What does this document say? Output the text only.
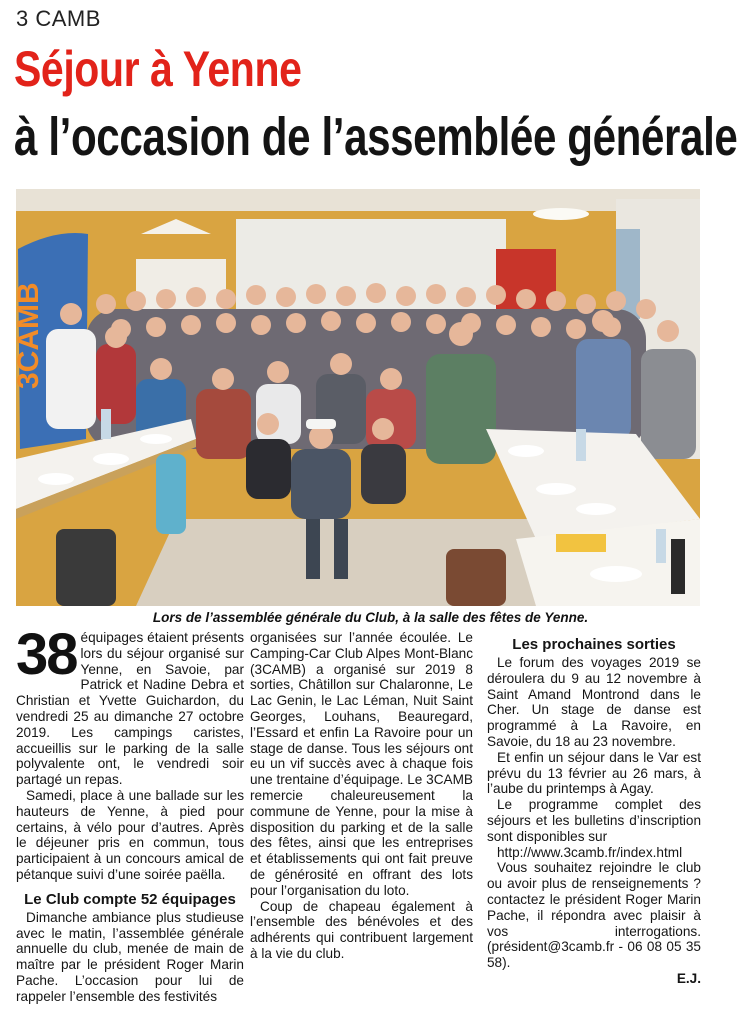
3 CAMB
Séjour à Yenne
à l’occasion de l’assemblée générale
3CAMB
Lors de l’assemblée générale du Club, à la salle des fêtes de Yenne.

38 équipages étaient présents lors du séjour organisé sur Yenne, en Savoie, par Patrick et Nadine Debra et Christian et Yvette Guichardon, du vendredi 25 au dimanche 27 octobre 2019. Les campings caristes, accueillis sur le parking de la salle polyvalente ont, le vendredi soir partagé un repas.

Samedi, place à une ballade sur les hauteurs de Yenne, à pied pour certains, à vélo pour d’autres. Après le déjeuner pris en commun, tous participaient à un concours amical de pétanque suivi d’une soirée paëlla.

Le Club compte 52 équipages

Dimanche ambiance plus studieuse avec le matin, l’assemblée générale annuelle du club, menée de main de maître par le président Roger Marin Pache. L’occasion pour lui de rappeler l’ensemble des festivités

organisées sur l’année écoulée. Le Camping-Car Club Alpes Mont-Blanc (3CAMB) a organisé sur 2019 8 sorties, Châtillon sur Chalaronne, Le Lac Genin, le Lac Léman, Nuit Saint Georges, Louhans, Beauregard, l’Essard et enfin La Ravoire pour un stage de danse. Tous les séjours ont eu un vif succès avec à chaque fois une trentaine d’équipage. Le 3CAMB remercie chaleureusement la commune de Yenne, pour la mise à disposition du parking et de la salle des fêtes, ainsi que les entreprises et établissements qui ont fait preuve de générosité en offrant des lots pour l’organisation du loto.

Coup de chapeau également à l’ensemble des bénévoles et des adhérents qui contribuent largement à la vie du club.

Les prochaines sorties

Le forum des voyages 2019 se déroulera du 9 au 12 novembre à Saint Amand Montrond dans le Cher. Un stage de danse est programmé à La Ravoire, en Savoie, du 18 au 23 novembre.

Et enfin un séjour dans le Var est prévu du 13 février au 26 mars, à l’aube du printemps à Agay.

Le programme complet des séjours et les bulletins d’inscription sont disponibles sur

http://www.3camb.fr/index.html

Vous souhaitez rejoindre le club ou avoir plus de renseignements ? contactez le président Roger Marin Pache, il répondra avec plaisir à vos interrogations. (président@3camb.fr - 06 08 05 35 58).

E.J.
